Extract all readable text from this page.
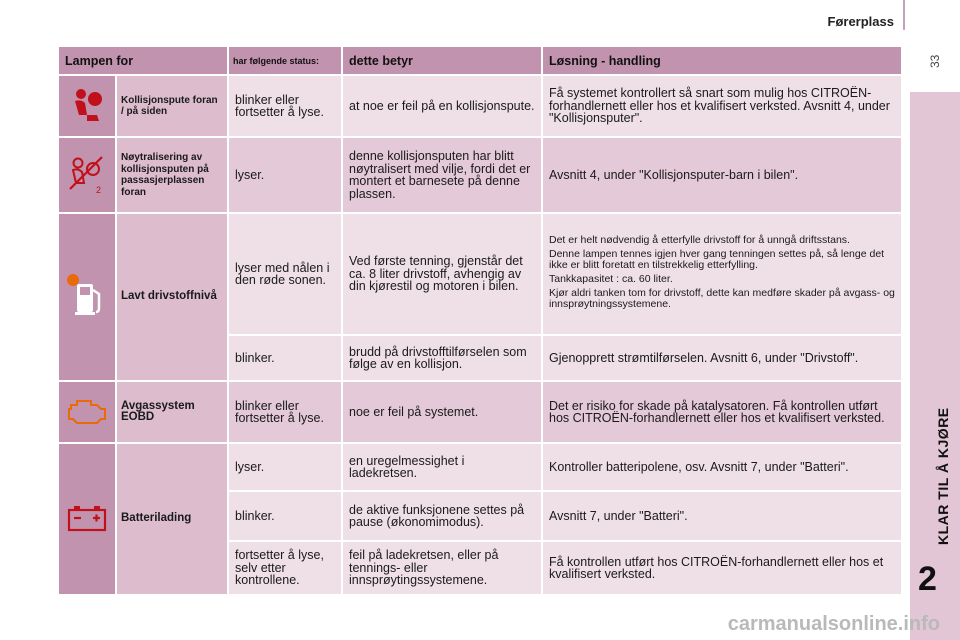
Førerplass
33
KLAR TIL Å KJØRE
2
Lampen for		har følgende status:	dette betyr	Løsning - handling
	Kollisjonspute foran / på siden	blinker eller fortsetter å lyse.	at noe er feil på en kollisjonspute.	Få systemet kontrollert så snart som mulig hos CITROËN-forhandlernett eller hos et kvalifisert verksted. Avsnitt 4, under "Kollisjonsputer".

2	Nøytralisering av kollisjonsputen på passasjerplassen foran	lyser.	denne kollisjonsputen har blitt nøytralisert med vilje, fordi det er montert et barnesete på denne plassen.	Avsnitt 4, under "Kollisjonsputer-barn i bilen".
	Lavt drivstoffnivå	lyser med nålen i den røde sonen.	Ved første tenning, gjenstår det ca. 8 liter drivstoff, avhengig av din kjørestil og motoren i bilen.	Det er helt nødvendig å etterfylle drivstoff for å unngå driftsstans.

Denne lampen tennes igjen hver gang tenningen settes på, så lenge det ikke er blitt foretatt en tilstrekkelig etterfylling.

Tankkapasitet : ca. 60 liter.

Kjør aldri tanken tom for drivstoff, dette kan medføre skader på avgass- og innsprøytningssystemene.

		blinker.	brudd på drivstofftilførselen som følge av en kollisjon.	Gjenopprett strømtilførselen. Avsnitt 6, under "Drivstoff".
	Avgassystem EOBD	blinker eller fortsetter å lyse.	noe er feil på systemet.	Det er risiko for skade på katalysatoren. Få kontrollen utført hos CITROËN-forhandlernett eller hos et kvalifisert verksted.
	Batterilading	lyser.	en uregelmessighet i ladekretsen.	Kontroller batteripolene, osv. Avsnitt 7, under "Batteri".
		blinker.	de aktive funksjonene settes på pause (økonomimodus).	Avsnitt 7, under "Batteri".
		fortsetter å lyse, selv etter kontrollene.	feil på ladekretsen, eller på tennings- eller innsprøytingssystemene.	Få kontrollen utført hos CITROËN-forhandlernett eller hos et kvalifisert verksted.
carmanualsonline.info
